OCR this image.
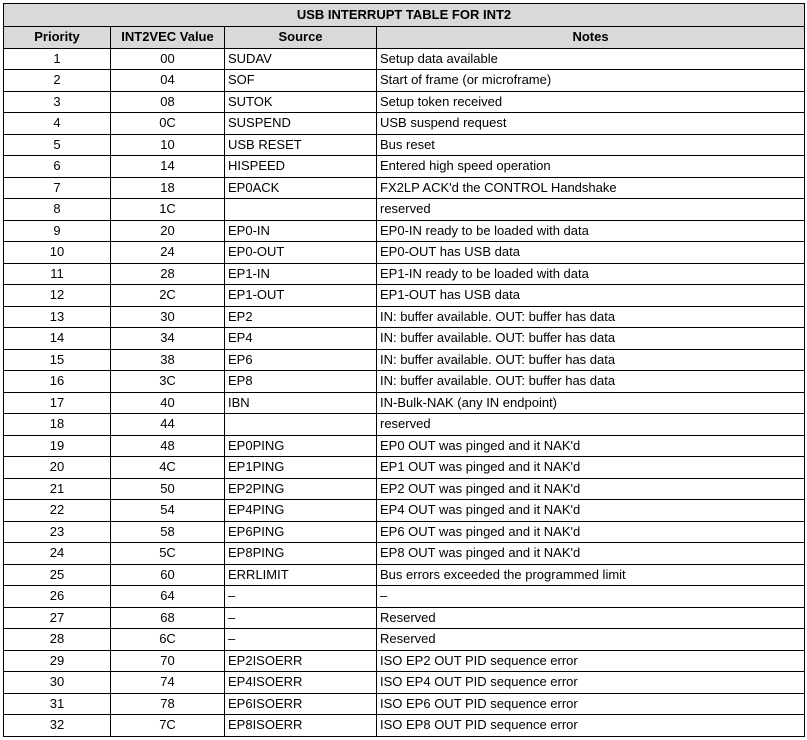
USB INTERRUPT TABLE FOR INT2			
Priority	INT2VEC Value	Source	Notes
1	00	SUDAV	Setup data available
2	04	SOF	Start of frame (or microframe)
3	08	SUTOK	Setup token received
4	0C	SUSPEND	USB suspend request
5	10	USB RESET	Bus reset
6	14	HISPEED	Entered high speed operation
7	18	EP0ACK	FX2LP ACK'd the CONTROL Handshake
8	1C		reserved
9	20	EP0-IN	EP0-IN ready to be loaded with data
10	24	EP0-OUT	EP0-OUT has USB data
11	28	EP1-IN	EP1-IN ready to be loaded with data
12	2C	EP1-OUT	EP1-OUT has USB data
13	30	EP2	IN: buffer available. OUT: buffer has data
14	34	EP4	IN: buffer available. OUT: buffer has data
15	38	EP6	IN: buffer available. OUT: buffer has data
16	3C	EP8	IN: buffer available. OUT: buffer has data
17	40	IBN	IN-Bulk-NAK (any IN endpoint)
18	44		reserved
19	48	EP0PING	EP0 OUT was pinged and it NAK'd
20	4C	EP1PING	EP1 OUT was pinged and it NAK'd
21	50	EP2PING	EP2 OUT was pinged and it NAK'd
22	54	EP4PING	EP4 OUT was pinged and it NAK'd
23	58	EP6PING	EP6 OUT was pinged and it NAK'd
24	5C	EP8PING	EP8 OUT was pinged and it NAK'd
25	60	ERRLIMIT	Bus errors exceeded the programmed limit
26	64	–	–
27	68	–	Reserved
28	6C	–	Reserved
29	70	EP2ISOERR	ISO EP2 OUT PID sequence error
30	74	EP4ISOERR	ISO EP4 OUT PID sequence error
31	78	EP6ISOERR	ISO EP6 OUT PID sequence error
32	7C	EP8ISOERR	ISO EP8 OUT PID sequence error
